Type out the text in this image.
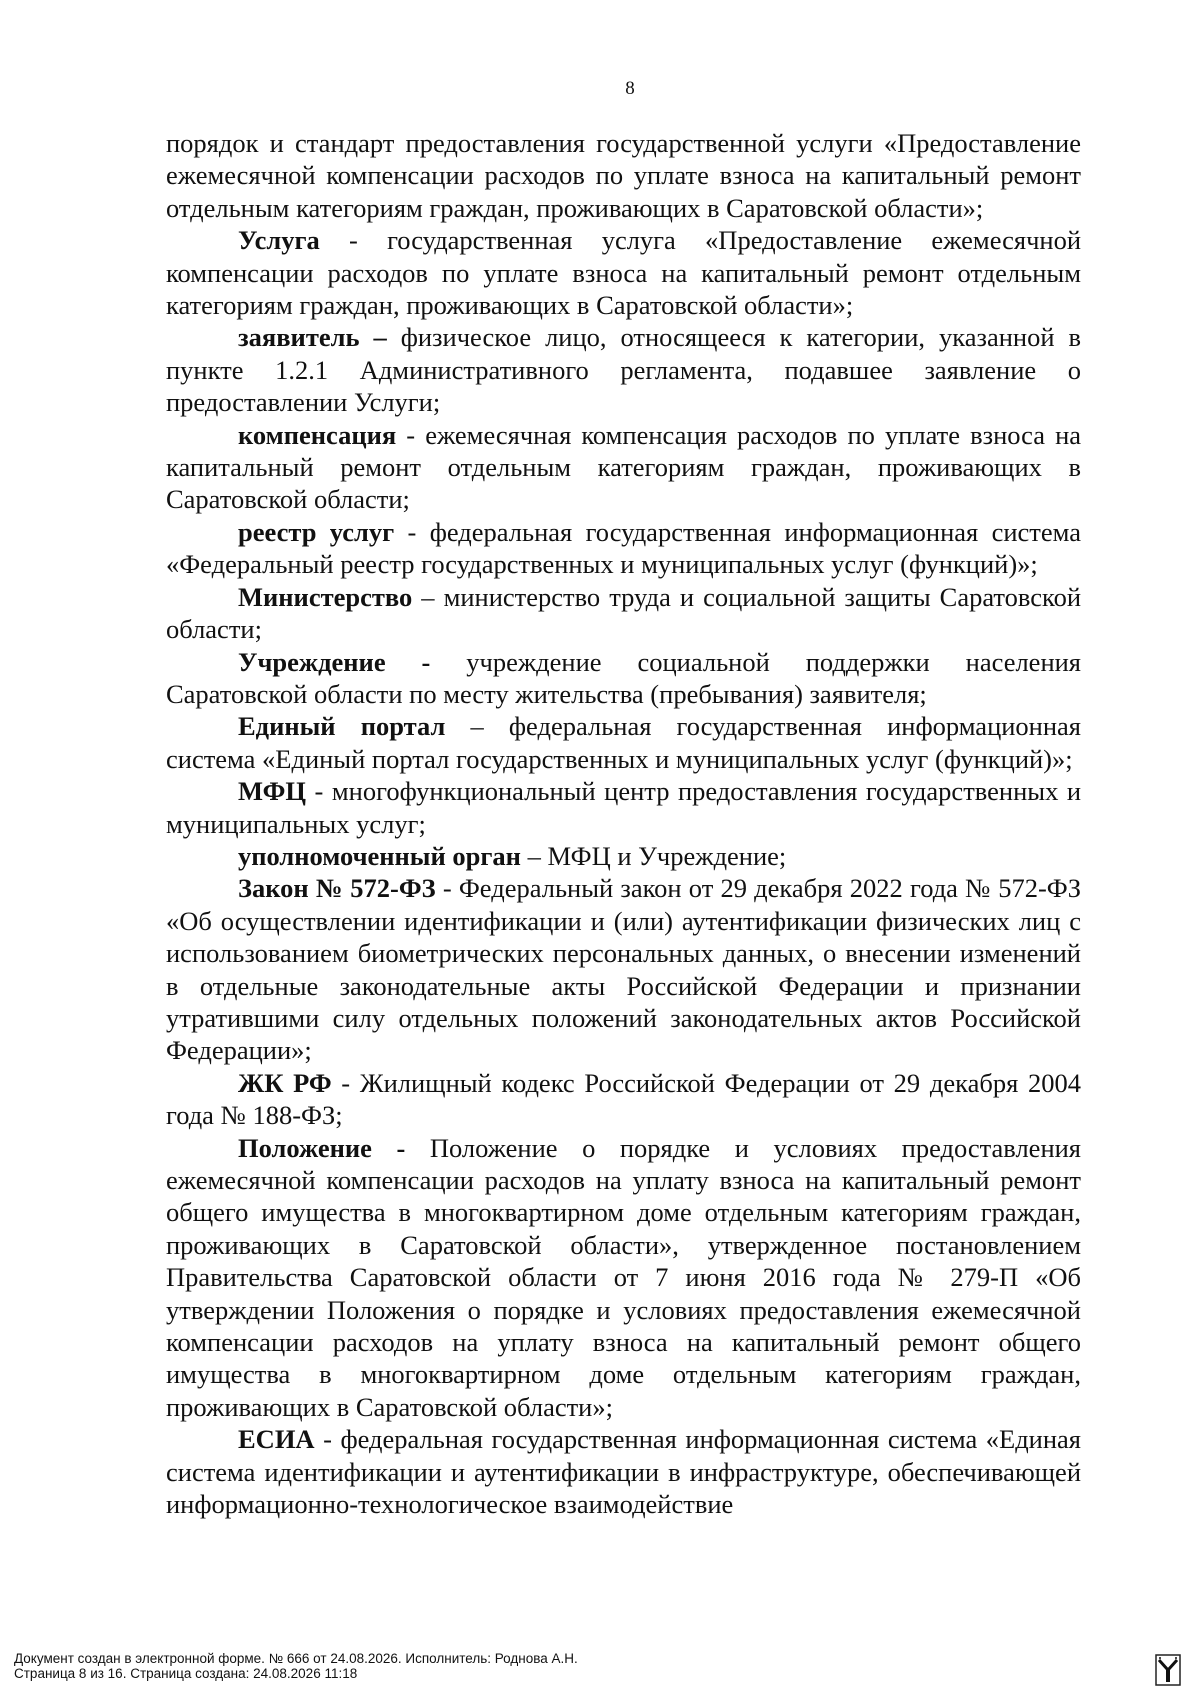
8

порядок и стандарт предоставления государственной услуги «Предоставление ежемесячной компенсации расходов по уплате взноса на капитальный ремонт отдельным категориям граждан, проживающих в Саратовской области»;

Услуга - государственная услуга «Предоставление ежемесячной компенсации расходов по уплате взноса на капитальный ремонт отдельным категориям граждан, проживающих в Саратовской области»;

заявитель – физическое лицо, относящееся к категории, указанной в пункте 1.2.1 Административного регламента, подавшее заявление о предоставлении Услуги;

компенсация - ежемесячная компенсация расходов по уплате взноса на капитальный ремонт отдельным категориям граждан, проживающих в Саратовской области;

реестр услуг - федеральная государственная информационная система «Федеральный реестр государственных и муниципальных услуг (функций)»;

Министерство – министерство труда и социальной защиты Саратовской области;

Учреждение - учреждение социальной поддержки населения Саратовской области по месту жительства (пребывания) заявителя;

Единый портал – федеральная государственная информационная система «Единый портал государственных и муниципальных услуг (функций)»;

МФЦ - многофункциональный центр предоставления государственных и муниципальных услуг;

уполномоченный орган – МФЦ и Учреждение;

Закон № 572-ФЗ - Федеральный закон от 29 декабря 2022 года № 572-ФЗ «Об осуществлении идентификации и (или) аутентификации физических лиц с использованием биометрических персональных данных, о внесении изменений в отдельные законодательные акты Российской Федерации и признании утратившими силу отдельных положений законодательных актов Российской Федерации»;

ЖК РФ - Жилищный кодекс Российской Федерации от 29 декабря 2004 года № 188-ФЗ;

Положение - Положение о порядке и условиях предоставления ежемесячной компенсации расходов на уплату взноса на капитальный ремонт общего имущества в многоквартирном доме отдельным категориям граждан, проживающих в Саратовской области», утвержденное постановлением Правительства Саратовской области от 7 июня 2016 года № 279-П «Об утверждении Положения о порядке и условиях предоставления ежемесячной компенсации расходов на уплату взноса на капитальный ремонт общего имущества в многоквартирном доме отдельным категориям граждан, проживающих в Саратовской области»;

ЕСИА - федеральная государственная информационная система «Единая система идентификации и аутентификации в инфраструктуре, обеспечивающей информационно-технологическое взаимодействие

Документ создан в электронной форме. № 666 от 24.08.2026. Исполнитель: Роднова А.Н.
Страница 8 из 16. Страница создана: 24.08.2026 11:18
